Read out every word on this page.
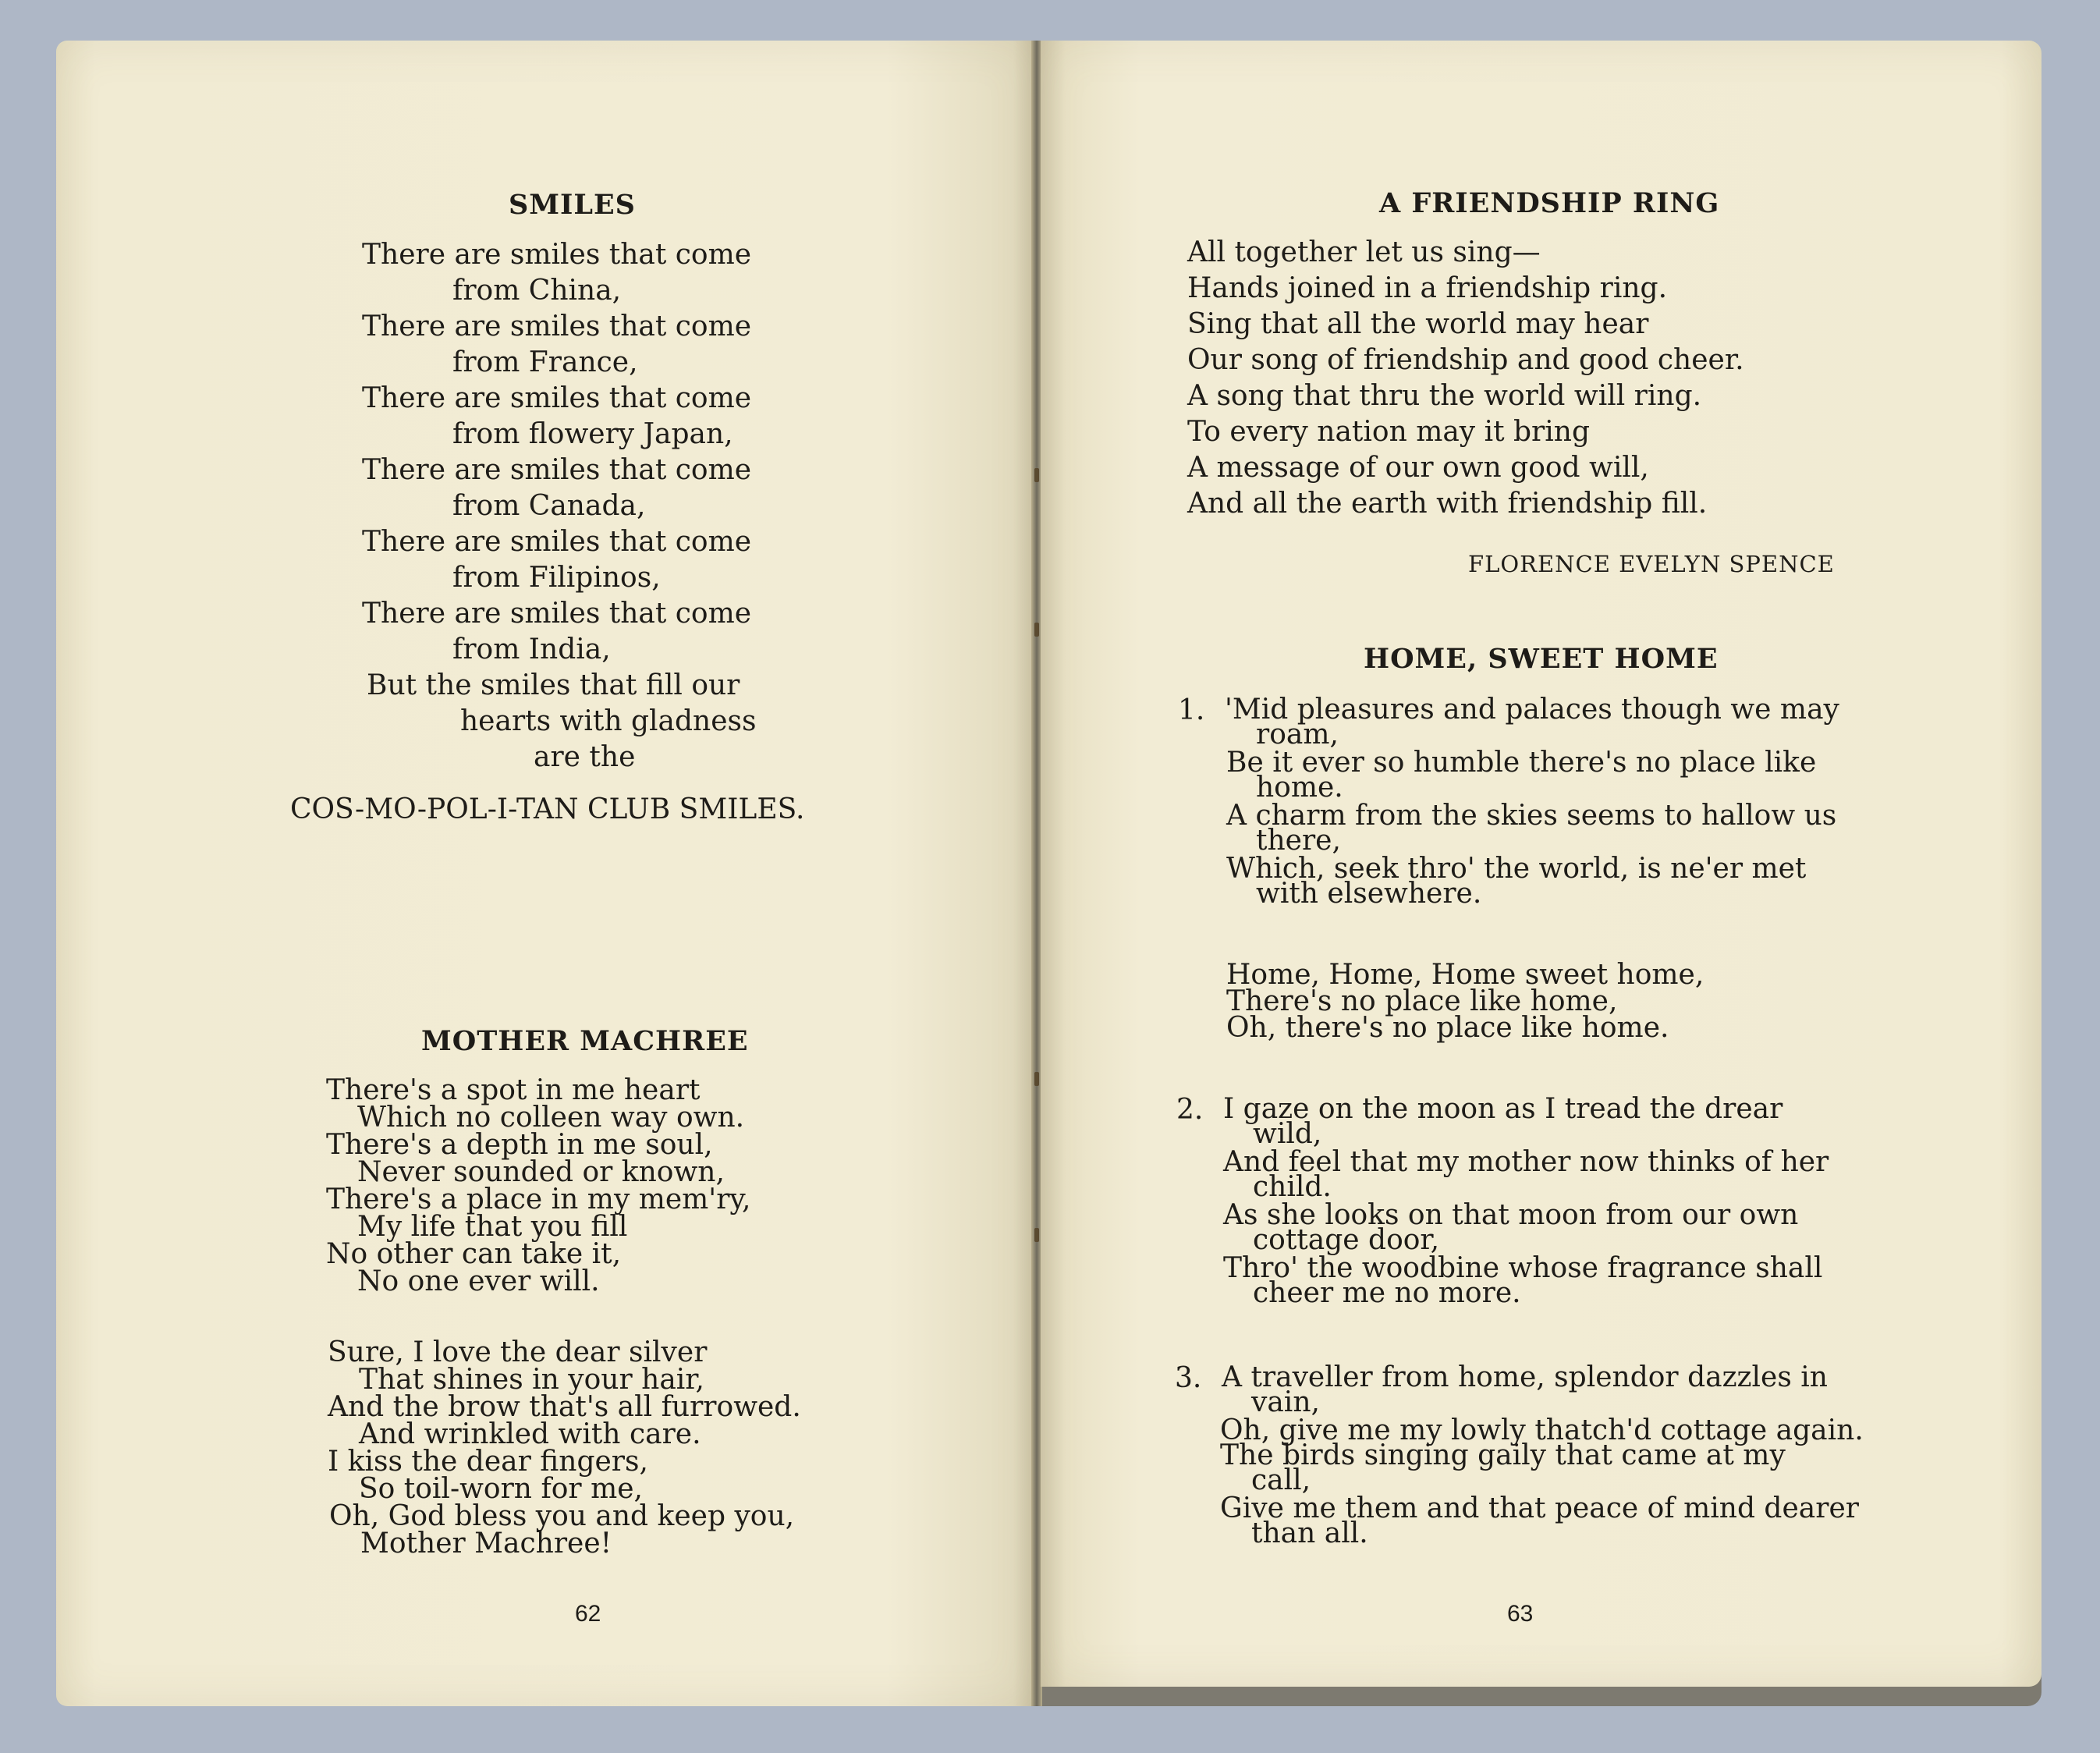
SMILES
There are smiles that come
from China,
There are smiles that come
from France,
There are smiles that come
from flowery Japan,
There are smiles that come
from Canada,
There are smiles that come
from Filipinos,
There are smiles that come
from India,
But the smiles that fill our
hearts with gladness
are the
COS-MO-POL-I-TAN CLUB SMILES.
MOTHER MACHREE
There's a spot in me heart
Which no colleen way own.
There's a depth in me soul,
Never sounded or known,
There's a place in my mem'ry,
My life that you fill
No other can take it,
No one ever will.
Sure, I love the dear silver
That shines in your hair,
And the brow that's all furrowed.
And wrinkled with care.
I kiss the dear fingers,
So toil-worn for me,
Oh, God bless you and keep you,
Mother Machree!
62
A FRIENDSHIP RING
All together let us sing—
Hands joined in a friendship ring.
Sing that all the world may hear
Our song of friendship and good cheer.
A song that thru the world will ring.
To every nation may it bring
A message of our own good will,
And all the earth with friendship fill.
FLORENCE EVELYN SPENCE
HOME, SWEET HOME
1. 'Mid pleasures and palaces though we may
roam,
Be it ever so humble there's no place like
home.
A charm from the skies seems to hallow us
there,
Which, seek thro' the world, is ne'er met
with elsewhere.
Home, Home, Home sweet home,
There's no place like home,
Oh, there's no place like home.
2. I gaze on the moon as I tread the drear
wild,
And feel that my mother now thinks of her
child.
As she looks on that moon from our own
cottage door,
Thro' the woodbine whose fragrance shall
cheer me no more.
3. A traveller from home, splendor dazzles in
vain,
Oh, give me my lowly thatch'd cottage again.
The birds singing gaily that came at my
call,
Give me them and that peace of mind dearer
than all.
63
